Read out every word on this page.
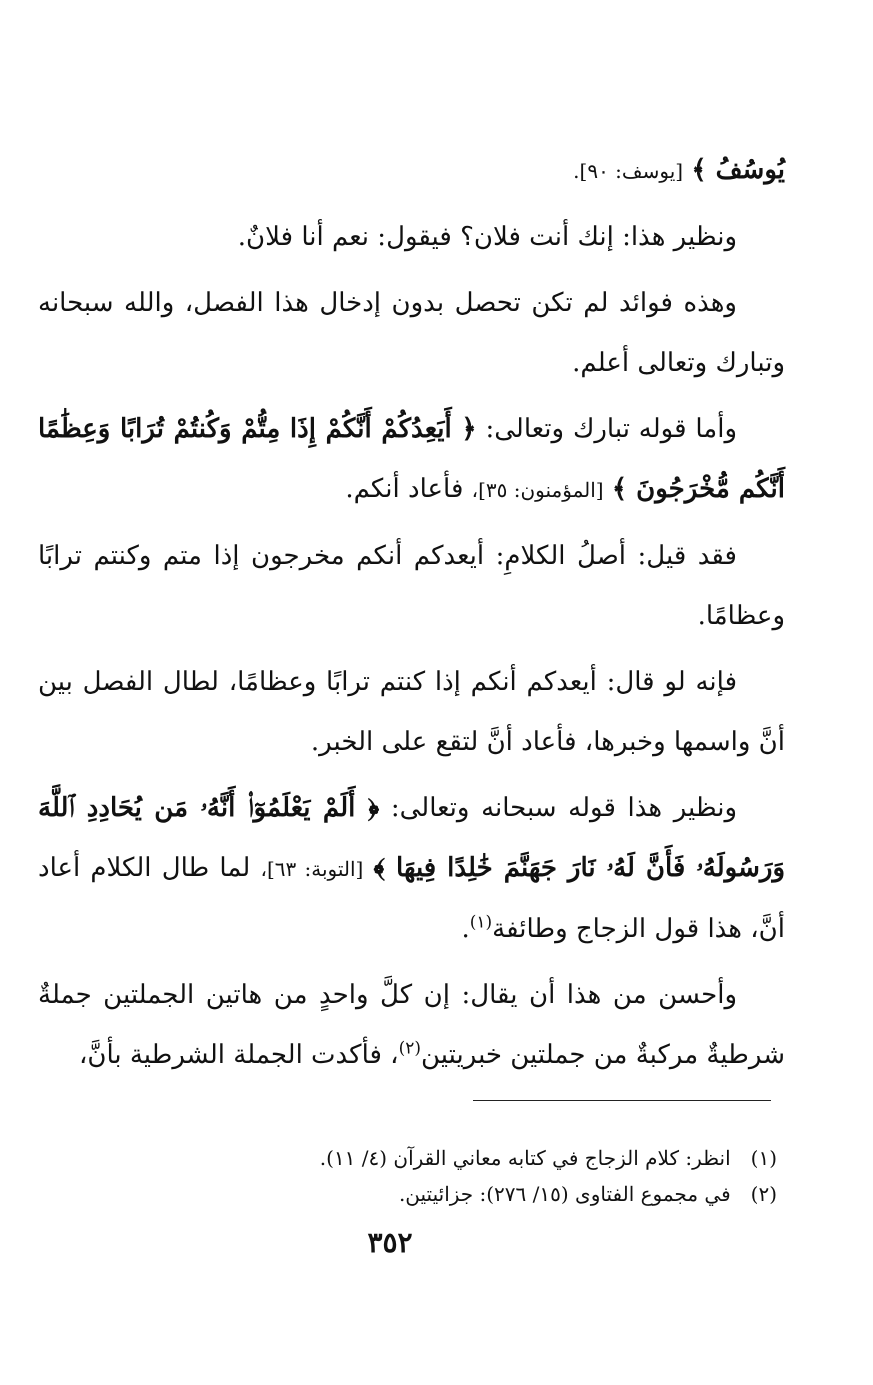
يُوسُفُ ﴾ [يوسف: ٩٠].

ونظير هذا: إنك أنت فلان؟ فيقول: نعم أنا فلانٌ.

وهذه فوائد لم تكن تحصل بدون إدخال هذا الفصل، والله سبحانه وتبارك وتعالى أعلم.

وأما قوله تبارك وتعالى: ﴿ أَيَعِدُكُمْ أَنَّكُمْ إِذَا مِتُّمْ وَكُنتُمْ تُرَابًا وَعِظَٰمًا أَنَّكُم مُّخْرَجُونَ ﴾ [المؤمنون: ٣٥]، فأعاد أنكم.

فقد قيل: أصلُ الكلامِ: أيعدكم أنكم مخرجون إذا متم وكنتم ترابًا وعظامًا.

فإنه لو قال: أيعدكم أنكم إذا كنتم ترابًا وعظامًا، لطال الفصل بين أنَّ واسمها وخبرها، فأعاد أنَّ لتقع على الخبر.

ونظير هذا قوله سبحانه وتعالى: ﴿ أَلَمْ يَعْلَمُوٓا۟ أَنَّهُۥ مَن يُحَادِدِ ٱللَّهَ وَرَسُولَهُۥ فَأَنَّ لَهُۥ نَارَ جَهَنَّمَ خَٰلِدًا فِيهَا ﴾ [التوبة: ٦٣]، لما طال الكلام أعاد أنَّ، هذا قول الزجاج وطائفة$^{(١)}$.

وأحسن من هذا أن يقال: إن كلَّ واحدٍ من هاتين الجملتين جملةٌ شرطيةٌ مركبةٌ من جملتين خبريتين$^{(٢)}$، فأكدت الجملة الشرطية بأنَّ،

(١) انظر: كلام الزجاج في كتابه معاني القرآن (٤/ ١١).

(٢) في مجموع الفتاوى (١٥/ ٢٧٦): جزائيتين.

٣٥٢
